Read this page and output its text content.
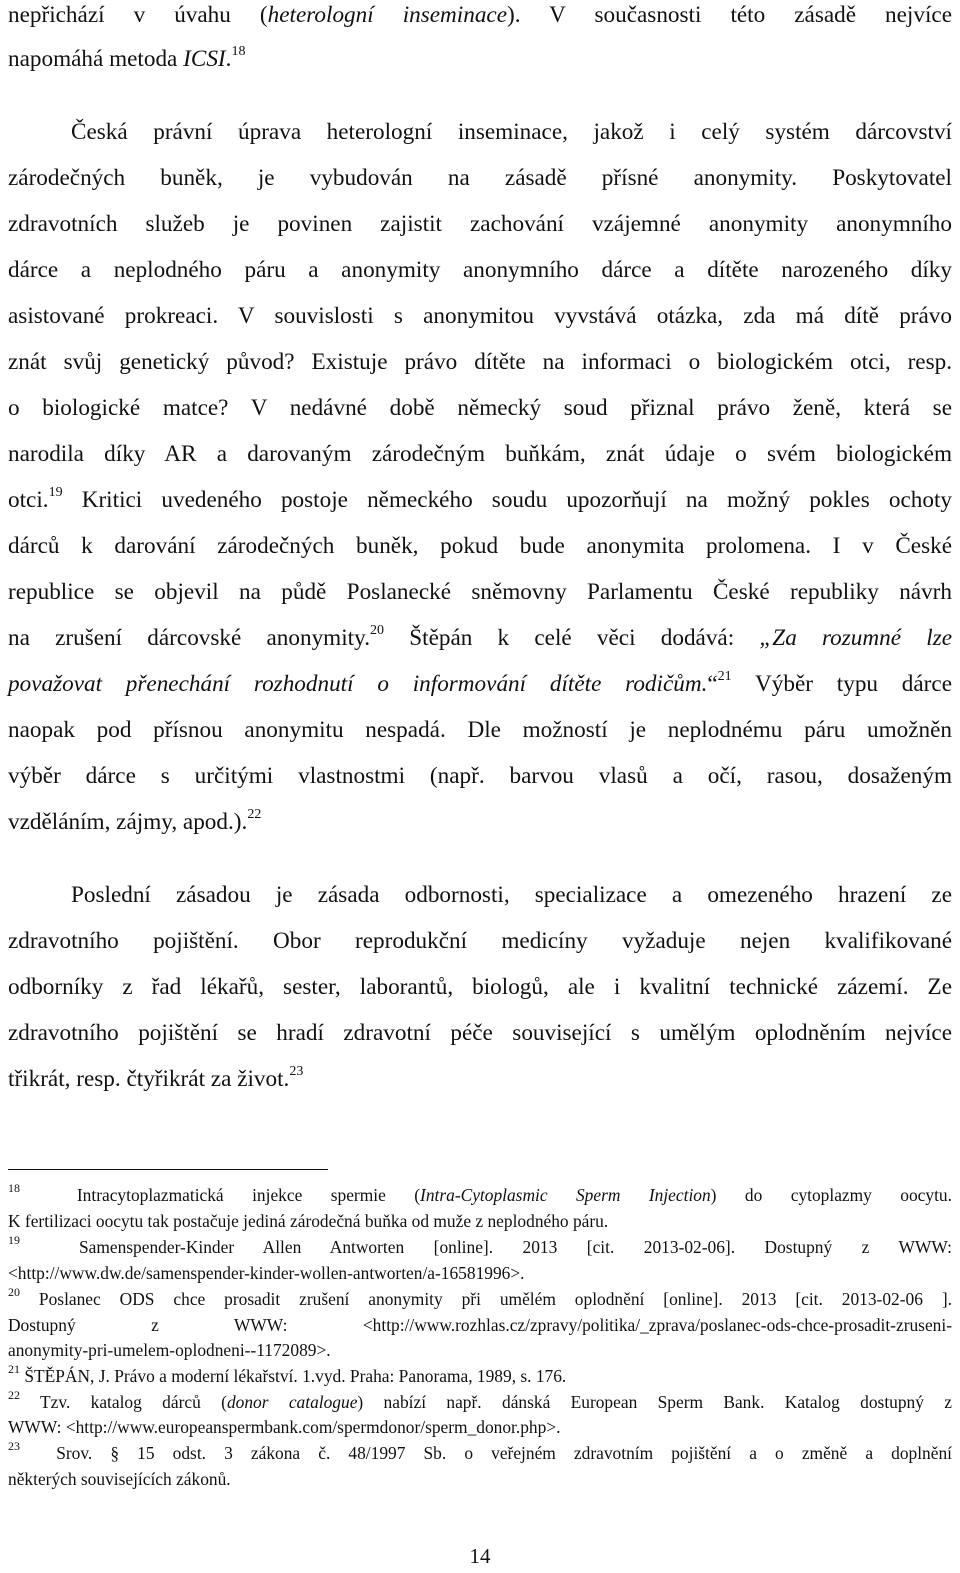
nepřichází v úvahu (heterologní inseminace). V současnosti této zásadě nejvíce
napomáhá metoda ICSI.$^{18}$
Česká právní úprava heterologní inseminace, jakož i celý systém dárcovství
zárodečných buněk, je vybudován na zásadě přísné anonymity. Poskytovatel
zdravotních služeb je povinen zajistit zachování vzájemné anonymity anonymního
dárce a neplodného páru a anonymity anonymního dárce a dítěte narozeného díky
asistované prokreaci. V souvislosti s anonymitou vyvstává otázka, zda má dítě právo
znát svůj genetický původ? Existuje právo dítěte na informaci o biologickém otci, resp.
o biologické matce? V nedávné době německý soud přiznal právo ženě, která se
narodila díky AR a darovaným zárodečným buňkám, znát údaje o svém biologickém
otci.$^{19}$ Kritici uvedeného postoje německého soudu upozorňují na možný pokles ochoty
dárců k darování zárodečných buněk, pokud bude anonymita prolomena. I v České
republice se objevil na půdě Poslanecké sněmovny Parlamentu České republiky návrh
na zrušení dárcovské anonymity.$^{20}$ Štěpán k celé věci dodává: „Za rozumné lze
považovat přenechání rozhodnutí o informování dítěte rodičům.“$^{21}$ Výběr typu dárce
naopak pod přísnou anonymitu nespadá. Dle možností je neplodnému páru umožněn
výběr dárce s určitými vlastnostmi (např. barvou vlasů a očí, rasou, dosaženým
vzděláním, zájmy, apod.).$^{22}$
Poslední zásadou je zásada odbornosti, specializace a omezeného hrazení ze
zdravotního pojištění. Obor reprodukční medicíny vyžaduje nejen kvalifikované
odborníky z řad lékařů, sester, laborantů, biologů, ale i kvalitní technické zázemí. Ze
zdravotního pojištění se hradí zdravotní péče související s umělým oplodněním nejvíce
třikrát, resp. čtyřikrát za život.$^{23}$
$^{18}$  Intracytoplazmatická injekce spermie (Intra-Cytoplasmic Sperm Injection) do cytoplazmy oocytu.
K fertilizaci oocytu tak postačuje jediná zárodečná buňka od muže z neplodného páru.
$^{19}$  Samenspender-Kinder Allen Antworten [online]. 2013 [cit. 2013-02-06]. Dostupný z WWW:
<http://www.dw.de/samenspender-kinder-wollen-antworten/a-16581996>.
$^{20}$ Poslanec ODS chce prosadit zrušení anonymity při umělém oplodnění [online]. 2013 [cit. 2013-02-06 ].
Dostupný z WWW: <http://www.rozhlas.cz/zpravy/politika/_zprava/poslanec-ods-chce-prosadit-zruseni-
anonymity-pri-umelem-oplodneni--1172089>.
$^{21}$ ŠTĚPÁN, J. Právo a moderní lékařství. 1.vyd. Praha: Panorama, 1989, s. 176.
$^{22}$ Tzv. katalog dárců (donor catalogue) nabízí např. dánská European Sperm Bank. Katalog dostupný z
WWW: <http://www.europeanspermbank.com/spermdonor/sperm_donor.php>.
$^{23}$  Srov. § 15 odst. 3 zákona č. 48/1997 Sb. o veřejném zdravotním pojištění a o změně a doplnění
některých souvisejících zákonů.
14
